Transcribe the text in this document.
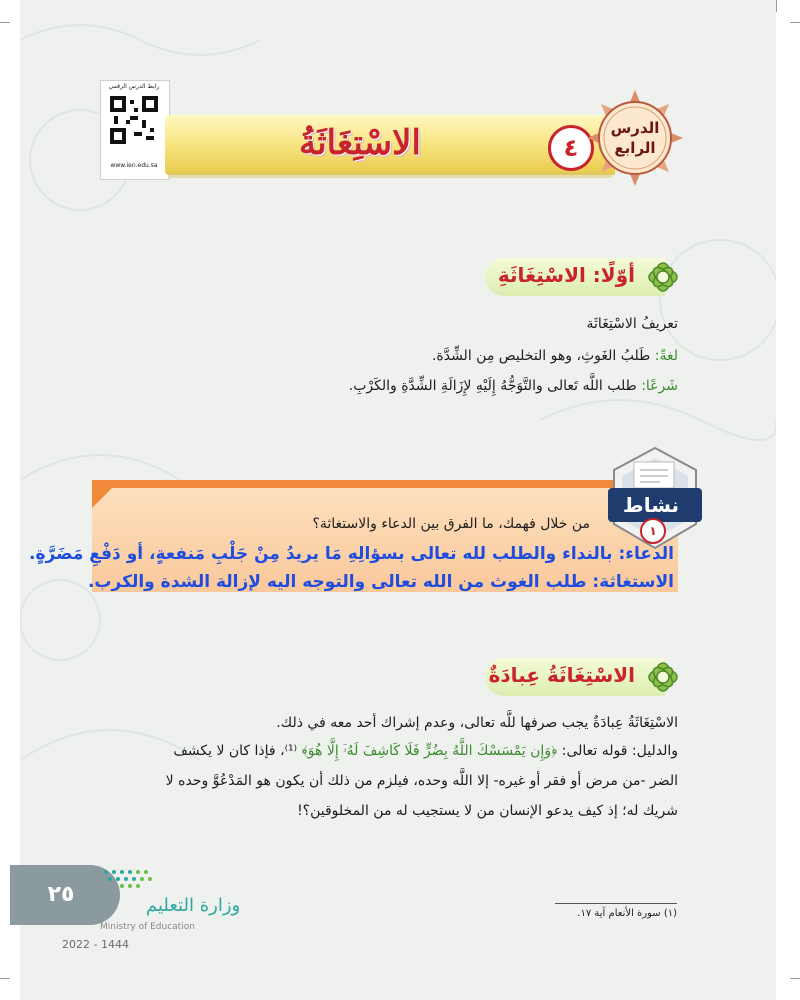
رابط الدرس الرقمي
www.ien.edu.sa
الاسْتِغَاثَةُ	٤
الدرس
الرابع
أوّلًا: الاسْتِغَاثَةِ
تعريفُ الاسْتِغَاثَة
لغةً: طَلبُ الغَوثِ، وهو التخليص مِن الشِّدَّة.
شَرعًا: طلب اللَّه تَعالى والتَّوَجُّهُ إِلَيْهِ لإِزَالَةِ الشِّدَّةِ والكَرْبِ.
نشاط
١
من خلال فهمك، ما الفرق بين الدعاء والاستغاثة؟
الدعاء: بالنداء والطلب لله تعالى بسؤالِهِ مَا يريدُ مِنْ جَلْبِ مَنفعةٍ، أو دَفْعِ مَضَرَّةٍ.
الاستغاثة: طلب الغوث من الله تعالى والتوجه اليه لإزالة الشدة والكرب.
الاسْتِغَاثَةُ عِبادَةٌ
الاسْتِغَاثَةُ عِبادَةٌ يجب صرفها للَّه تعالى، وعدم إشراك أحد معه في ذلك.
والدليل: قوله تعالى: ﴿وَإِن يَمْسَسْكَ اللَّهُ بِضُرٍّ فَلَا كَاشِفَ لَهُۥٓ إِلَّا هُوَ﴾ ⁽¹⁾، فإذا كان لا يكشف
الضر -من مرض أو فقر أو غيره- إلا اللَّه وحده، فيلزم من ذلك أن يكون هو المَدْعُوَّ وحده لا
شريك له؛ إذ كيف يدعو الإنسان من لا يستجيب له من المخلوقين؟!
(١) سورة الأنعام آية ١٧.
٢٥	وزارة التعليم
Ministry of Education
2022 - 1444
